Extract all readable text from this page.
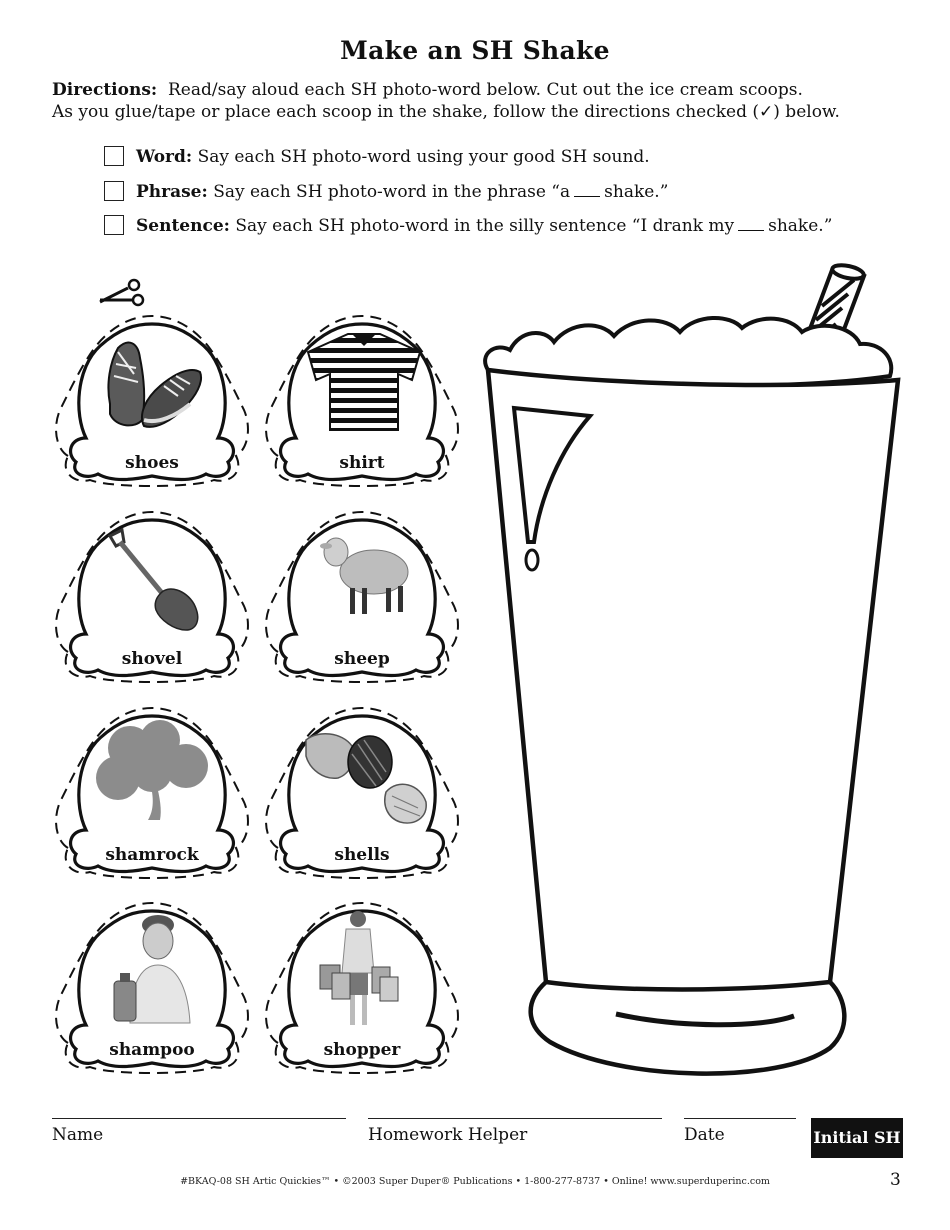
Make an SH Shake
Directions: Read/say aloud each SH photo-word below. Cut out the ice cream scoops.
As you glue/tape or place each scoop in the shake, follow the directions checked (✓) below.
Word: Say each SH photo-word using your good SH sound.
Phrase: Say each SH photo-word in the phrase “a shake.”
Sentence: Say each SH photo-word in the silly sentence “I drank my shake.”
shoes	shirt
shovel	sheep
shamrock	shells
shampoo	shopper
Name	Homework Helper	Date	Initial SH
#BKAQ-08 SH Artic Quickies™ • ©2003 Super Duper® Publications • 1-800-277-8737 • Online! www.superduperinc.com	3
